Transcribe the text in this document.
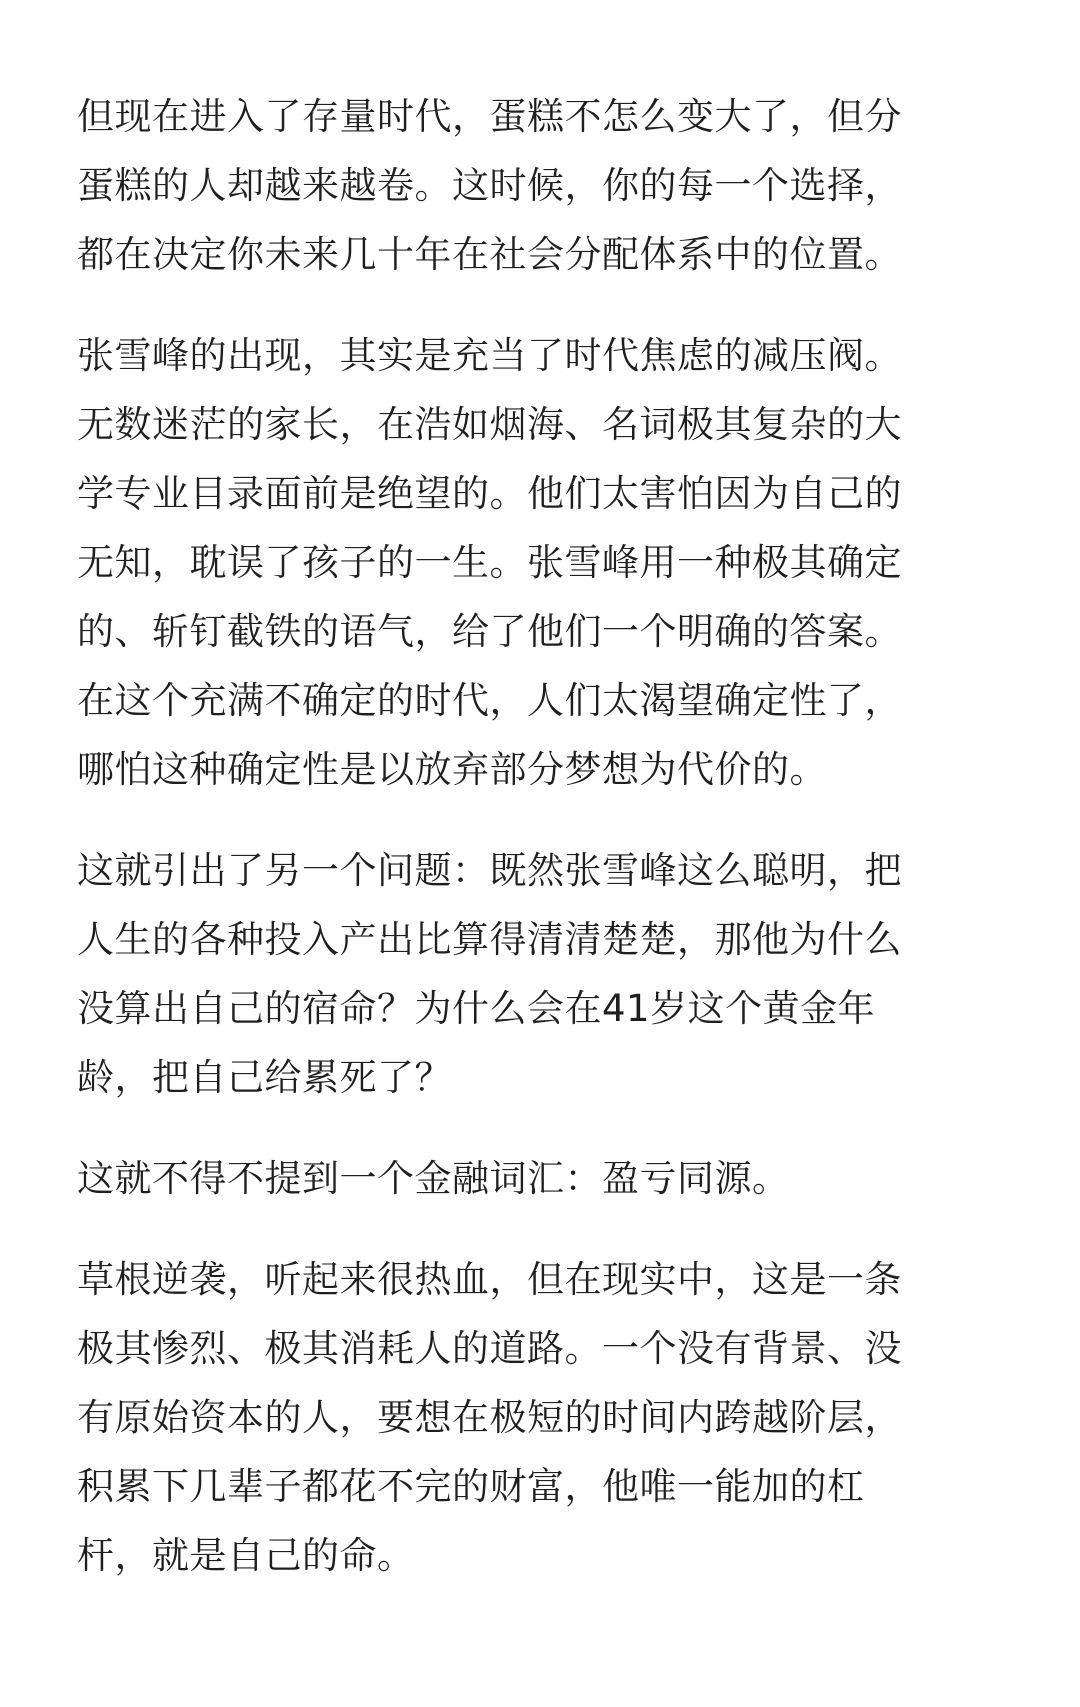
但现在进入了存量时代，蛋糕不怎么变大了，但分
蛋糕的人却越来越卷。这时候，你的每一个选择，
都在决定你未来几十年在社会分配体系中的位置。

张雪峰的出现，其实是充当了时代焦虑的减压阀。
无数迷茫的家长，在浩如烟海、名词极其复杂的大
学专业目录面前是绝望的。他们太害怕因为自己的
无知，耽误了孩子的一生。张雪峰用一种极其确定
的、斩钉截铁的语气，给了他们一个明确的答案。
在这个充满不确定的时代，人们太渴望确定性了，
哪怕这种确定性是以放弃部分梦想为代价的。

这就引出了另一个问题：既然张雪峰这么聪明，把
人生的各种投入产出比算得清清楚楚，那他为什么
没算出自己的宿命？为什么会在41岁这个黄金年
龄，把自己给累死了？

这就不得不提到一个金融词汇：盈亏同源。

草根逆袭，听起来很热血，但在现实中，这是一条
极其惨烈、极其消耗人的道路。一个没有背景、没
有原始资本的人，要想在极短的时间内跨越阶层，
积累下几辈子都花不完的财富，他唯一能加的杠
杆，就是自己的命。
